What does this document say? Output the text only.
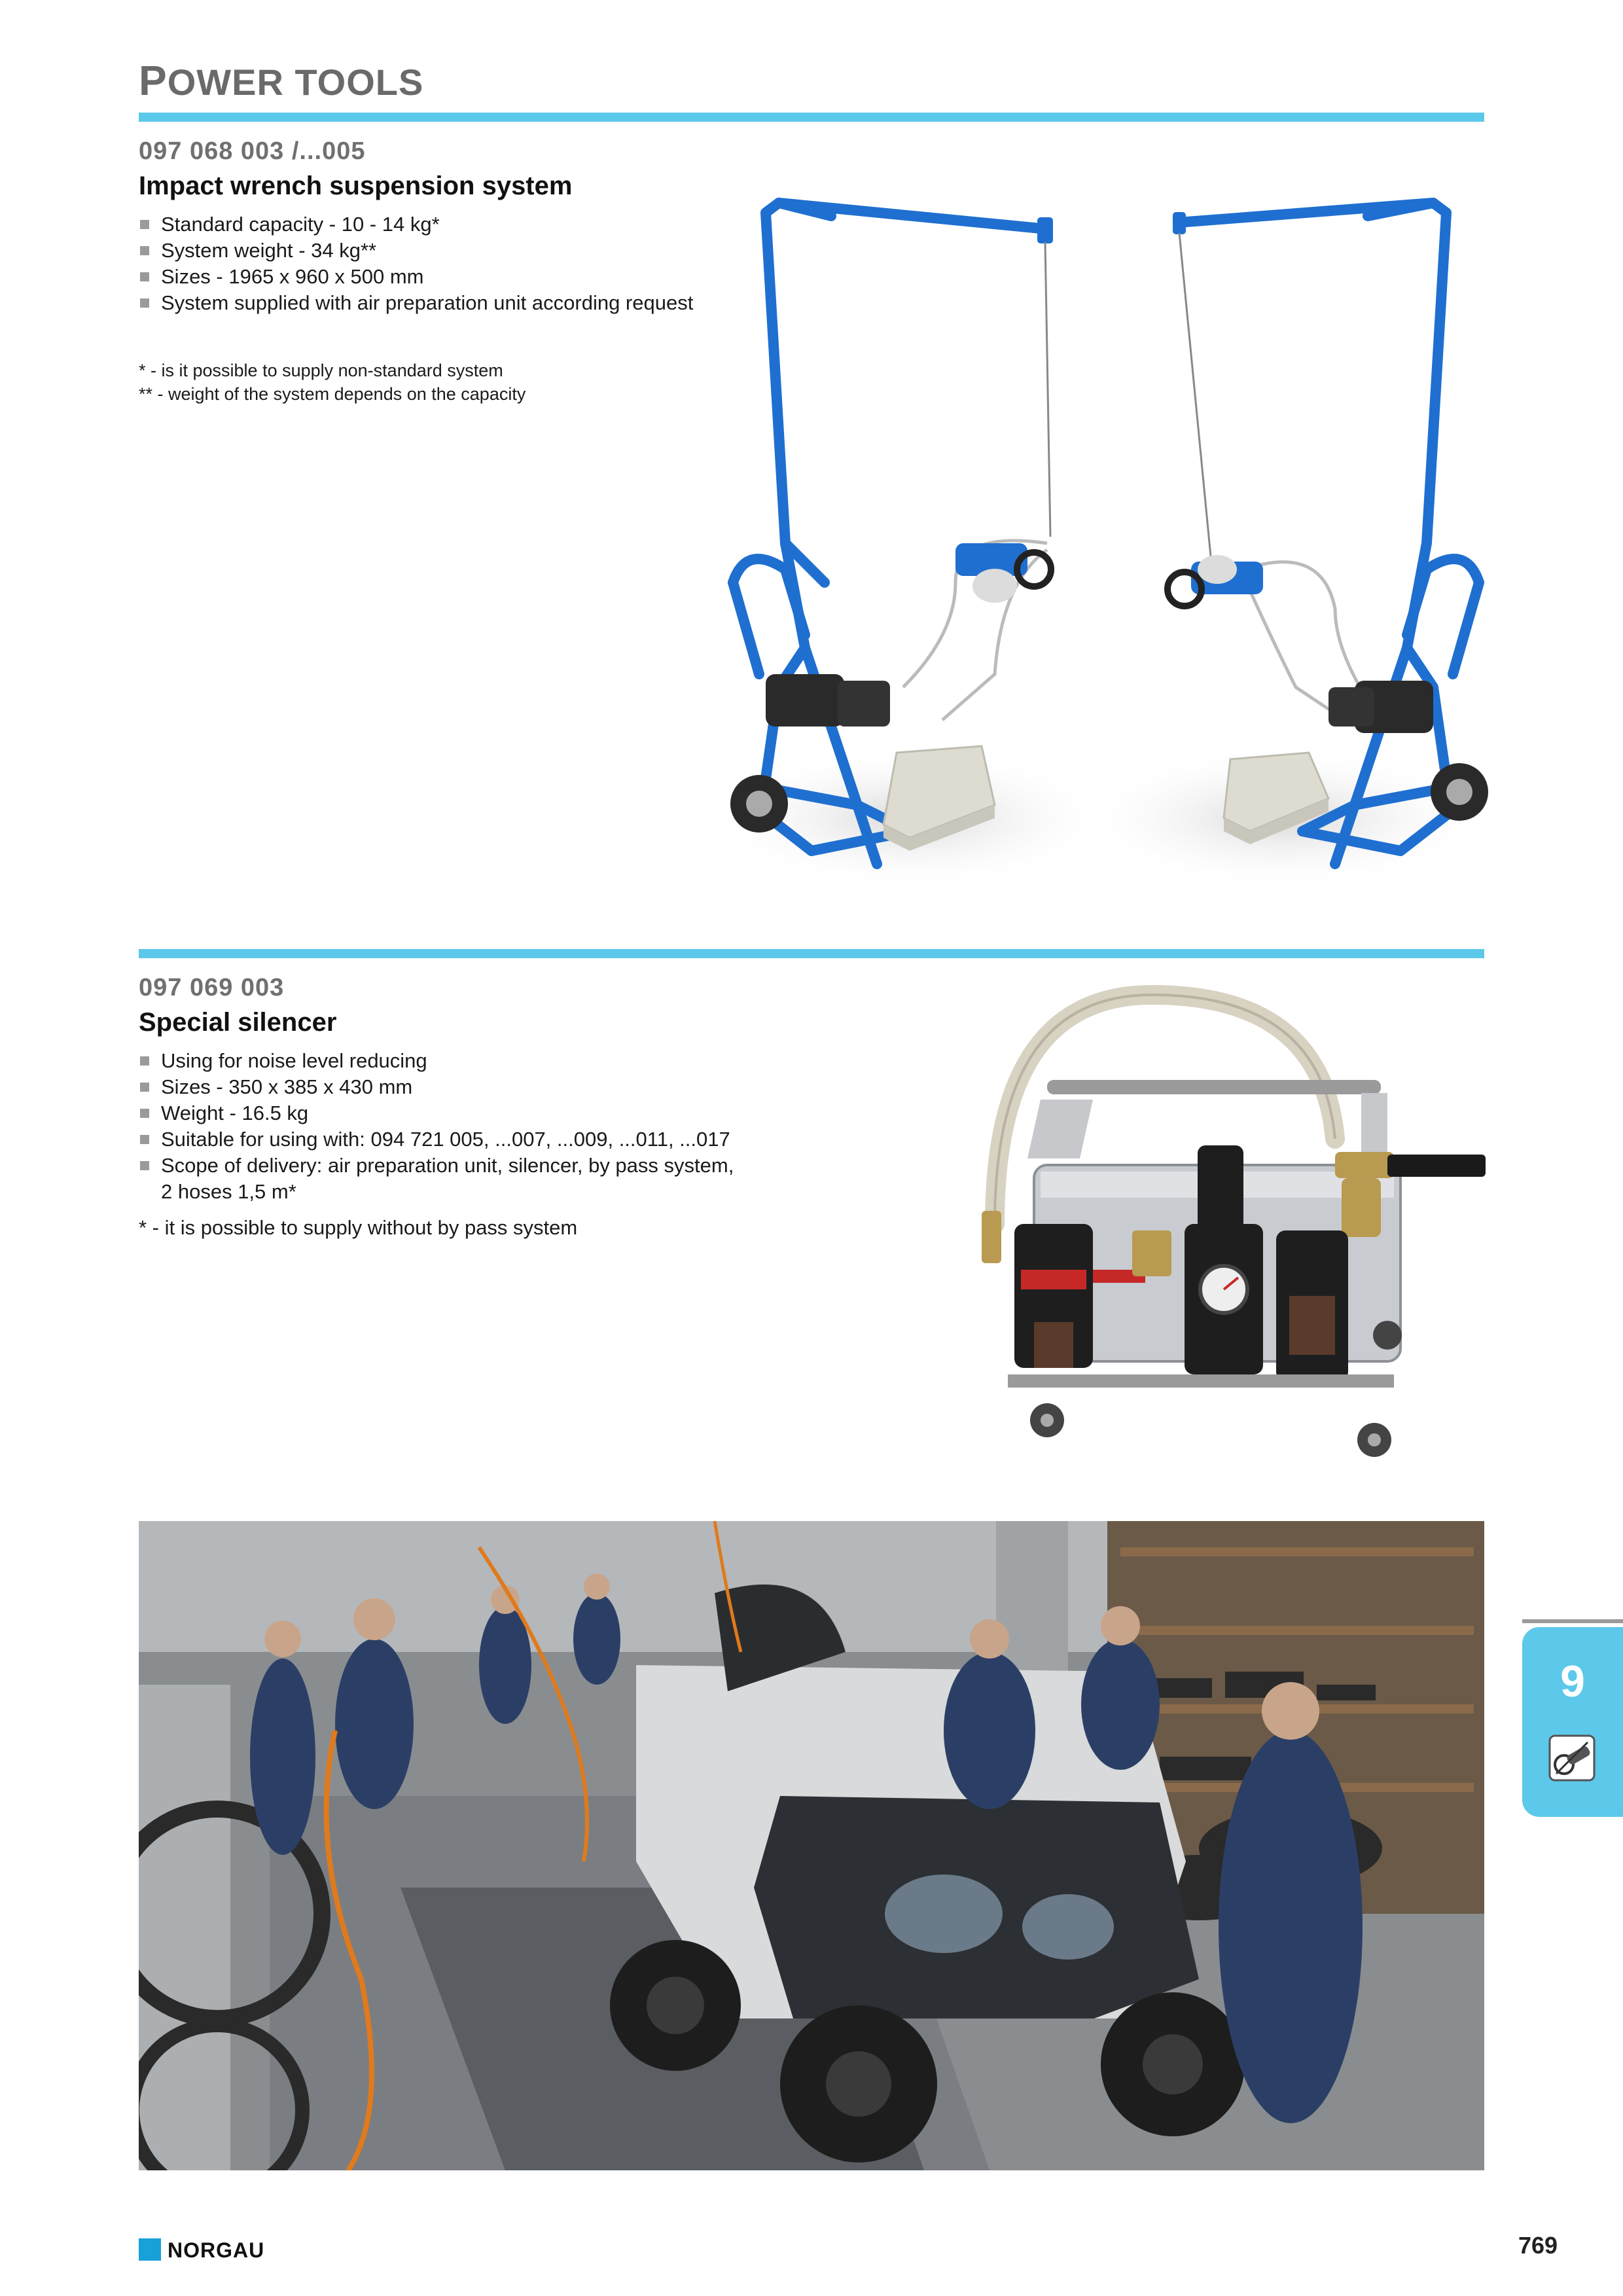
POWER TOOLS
097 068 003 /...005
Impact wrench suspension system
Standard capacity - 10 - 14 kg*
System weight - 34 kg**
Sizes - 1965 x 960 x 500 mm
System supplied with air preparation unit according request
* - is it possible to supply non-standard system
** - weight of the system depends on the capacity
097 069 003
Special silencer
Using for noise level reducing
Sizes - 350 x 385 x 430 mm
Weight - 16.5 kg
Suitable for using with: 094 721 005, ...007, ...009, ...011, ...017
Scope of delivery: air preparation unit, silencer, by pass system, 2 hoses 1,5 m*
* - it is possible to supply without by pass system
9
NORGAU	769
